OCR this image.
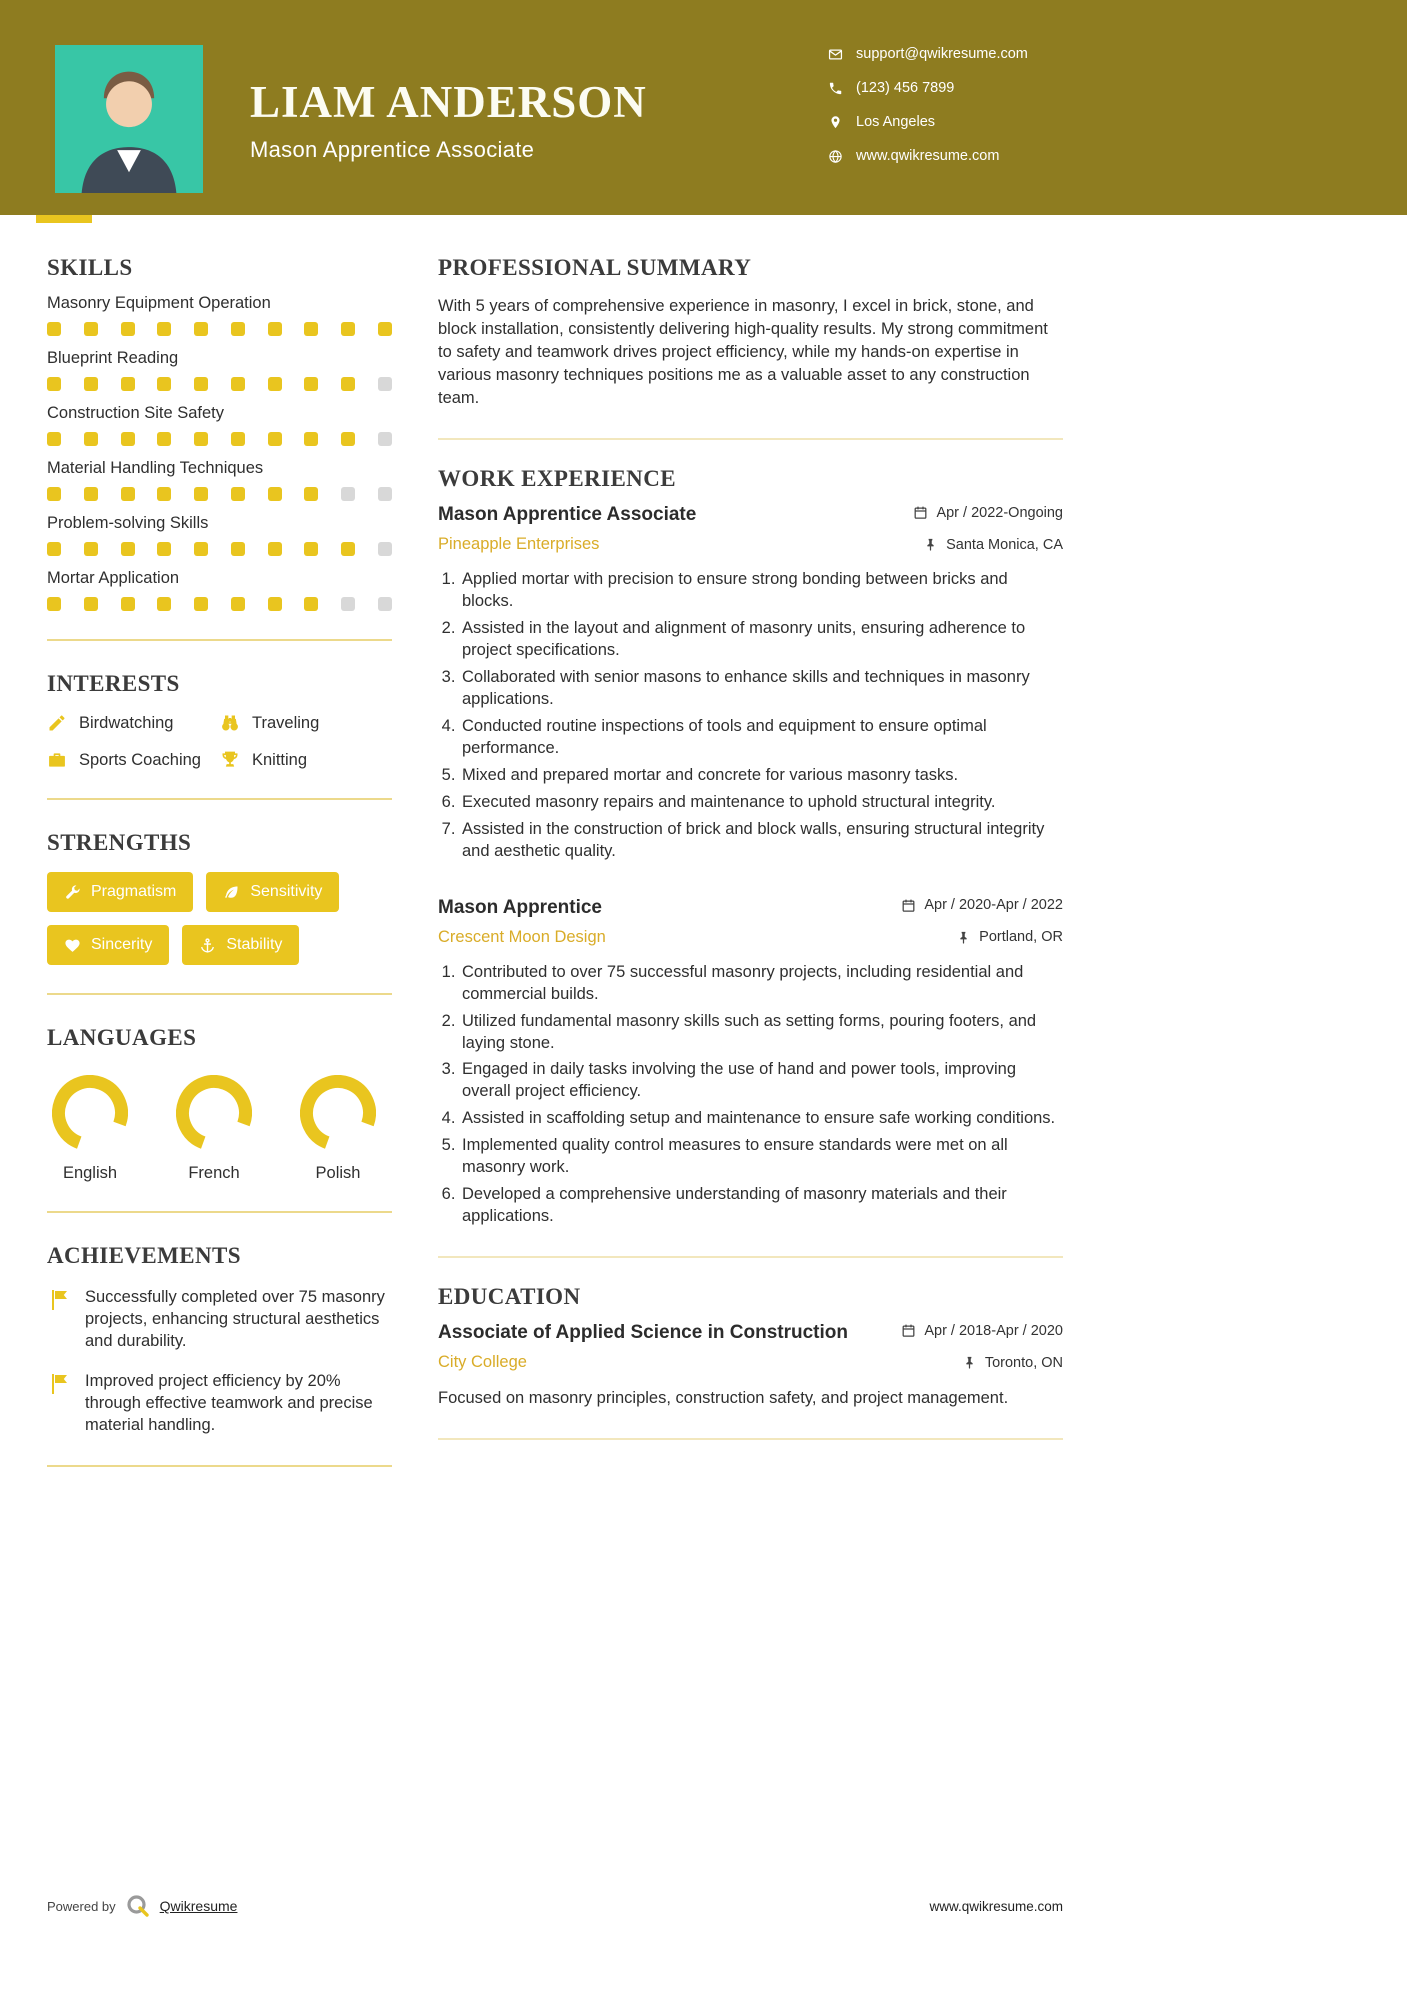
LIAM ANDERSON
Mason Apprentice Associate
support@qwikresume.com
(123) 456 7899
Los Angeles
www.qwikresume.com
SKILLS
Masonry Equipment Operation
Blueprint Reading
Construction Site Safety
Material Handling Techniques
Problem-solving Skills
Mortar Application
INTERESTS
Birdwatching	Traveling
Sports Coaching	Knitting
STRENGTHS
Pragmatism	Sensitivity
Sincerity	Stability
LANGUAGES
English	French	Polish
ACHIEVEMENTS
Successfully completed over 75 masonry projects, enhancing structural aesthetics and durability.
Improved project efficiency by 20% through effective teamwork and precise material handling.
PROFESSIONAL SUMMARY

With 5 years of comprehensive experience in masonry, I excel in brick, stone, and block installation, consistently delivering high-quality results. My strong commitment to safety and teamwork drives project efficiency, while my hands-on expertise in various masonry techniques positions me as a valuable asset to any construction team.

WORK EXPERIENCE
Mason Apprentice Associate	Apr / 2022-Ongoing
Pineapple Enterprises	Santa Monica, CA
1. Applied mortar with precision to ensure strong bonding between bricks and blocks.
2. Assisted in the layout and alignment of masonry units, ensuring adherence to project specifications.
3. Collaborated with senior masons to enhance skills and techniques in masonry applications.
4. Conducted routine inspections of tools and equipment to ensure optimal performance.
5. Mixed and prepared mortar and concrete for various masonry tasks.
6. Executed masonry repairs and maintenance to uphold structural integrity.
7. Assisted in the construction of brick and block walls, ensuring structural integrity and aesthetic quality.
Mason Apprentice	Apr / 2020-Apr / 2022
Crescent Moon Design	Portland, OR
1. Contributed to over 75 successful masonry projects, including residential and commercial builds.
2. Utilized fundamental masonry skills such as setting forms, pouring footers, and laying stone.
3. Engaged in daily tasks involving the use of hand and power tools, improving overall project efficiency.
4. Assisted in scaffolding setup and maintenance to ensure safe working conditions.
5. Implemented quality control measures to ensure standards were met on all masonry work.
6. Developed a comprehensive understanding of masonry materials and their applications.
EDUCATION
Associate of Applied Science in Construction	Apr / 2018-Apr / 2020
City College	Toronto, ON

Focused on masonry principles, construction safety, and project management.

Powered by	Qwikresume	www.qwikresume.com
